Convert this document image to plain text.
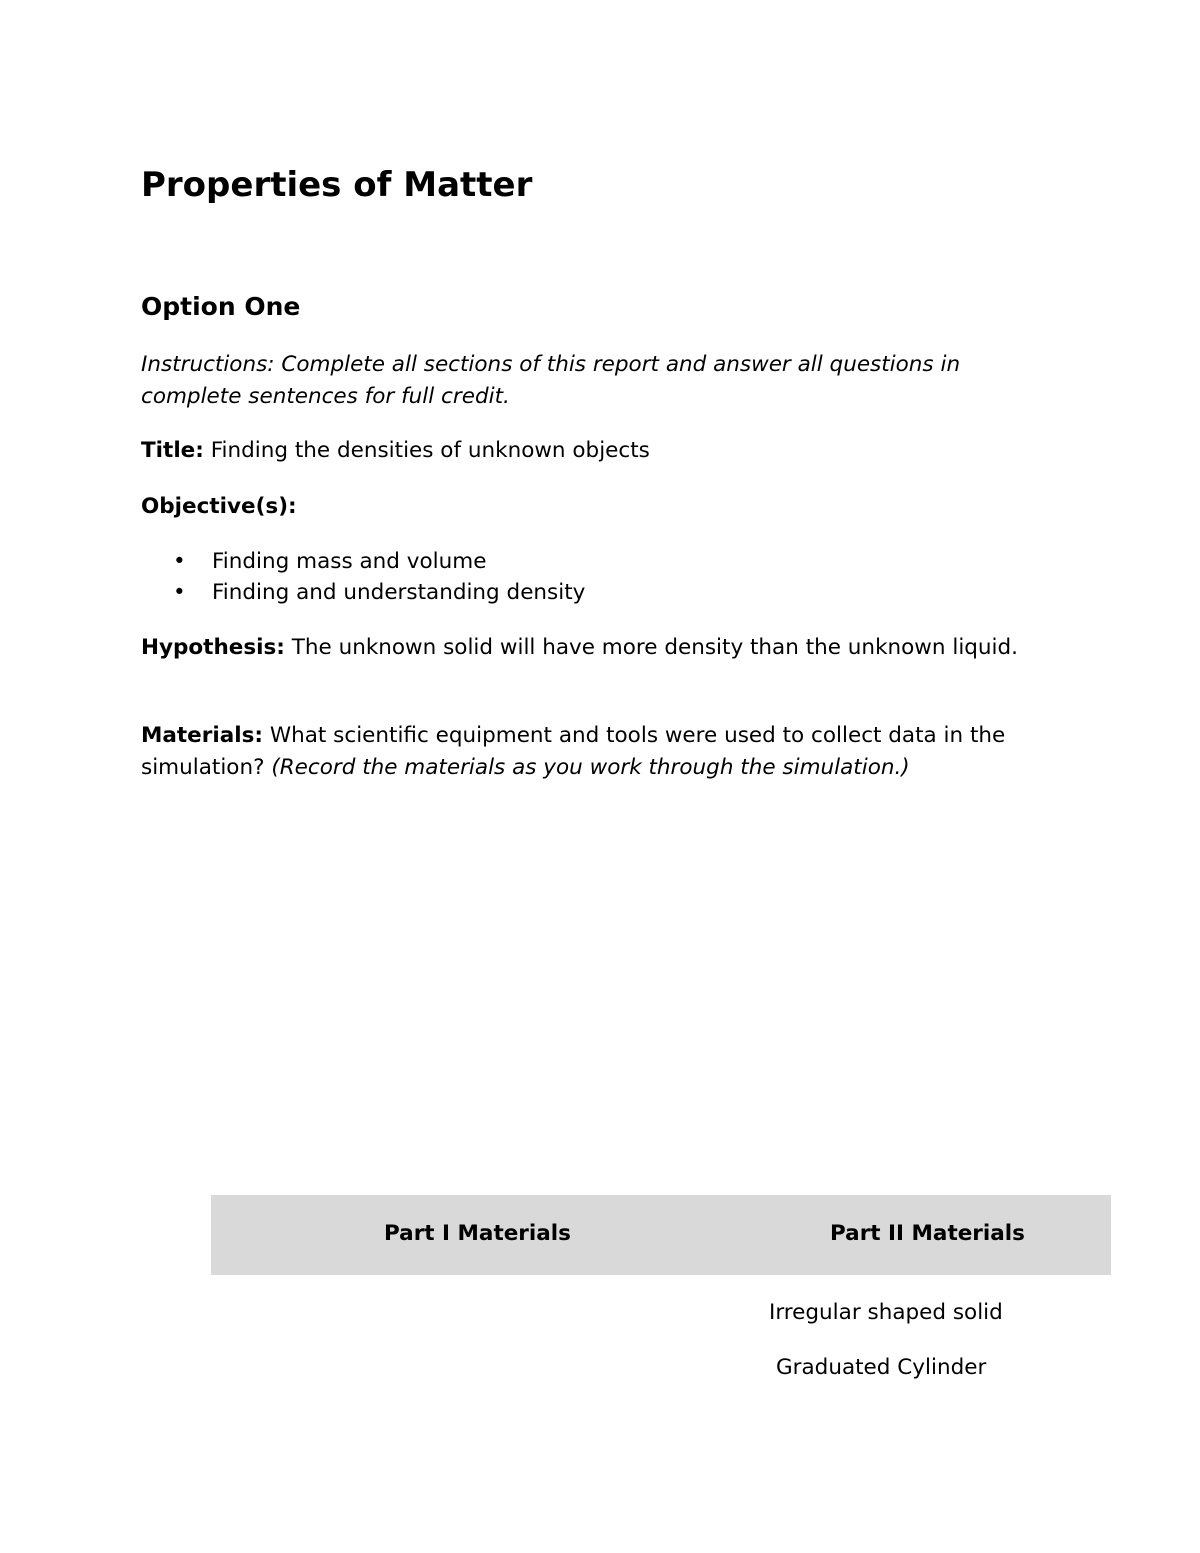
Properties of Matter
Option One

Instructions: Complete all sections of this report and answer all questions in complete sentences for full credit.

Title: Finding the densities of unknown objects

Objective(s):

• Finding mass and volume
• Finding and understanding density

Hypothesis: The unknown solid will have more density than the unknown liquid.

Materials: What scientific equipment and tools were used to collect data in the simulation? (Record the materials as you work through the simulation.)

Part I Materials	Part II Materials
Irregular shaped solid
Graduated Cylinder
